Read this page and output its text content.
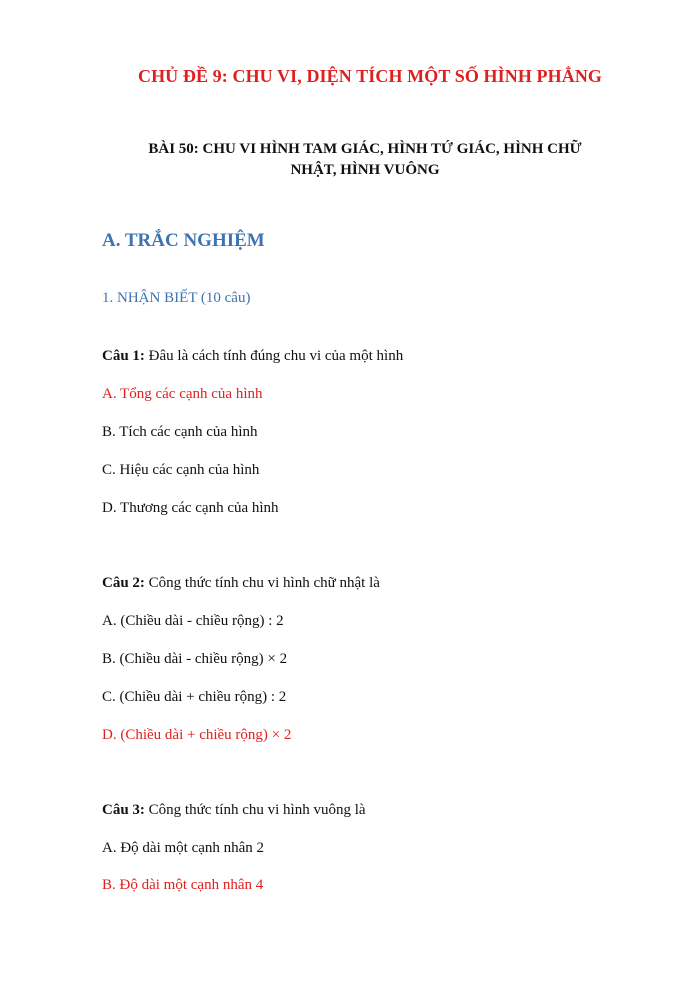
CHỦ ĐỀ 9: CHU VI, DIỆN TÍCH MỘT SỐ HÌNH PHẲNG
BÀI 50: CHU VI HÌNH TAM GIÁC, HÌNH TỨ GIÁC, HÌNH CHỮ
NHẬT, HÌNH VUÔNG
A. TRẮC NGHIỆM
1. NHẬN BIẾT (10 câu)
Câu 1: Đâu là cách tính đúng chu vi của một hình
A. Tổng các cạnh của hình
B. Tích các cạnh của hình
C. Hiệu các cạnh của hình
D. Thương các cạnh của hình
Câu 2: Công thức tính chu vi hình chữ nhật là
A. (Chiều dài - chiều rộng) : 2
B. (Chiều dài - chiều rộng) × 2
C. (Chiều dài + chiều rộng) : 2
D. (Chiều dài + chiều rộng) × 2
Câu 3: Công thức tính chu vi hình vuông là
A. Độ dài một cạnh nhân 2
B. Độ dài một cạnh nhân 4
